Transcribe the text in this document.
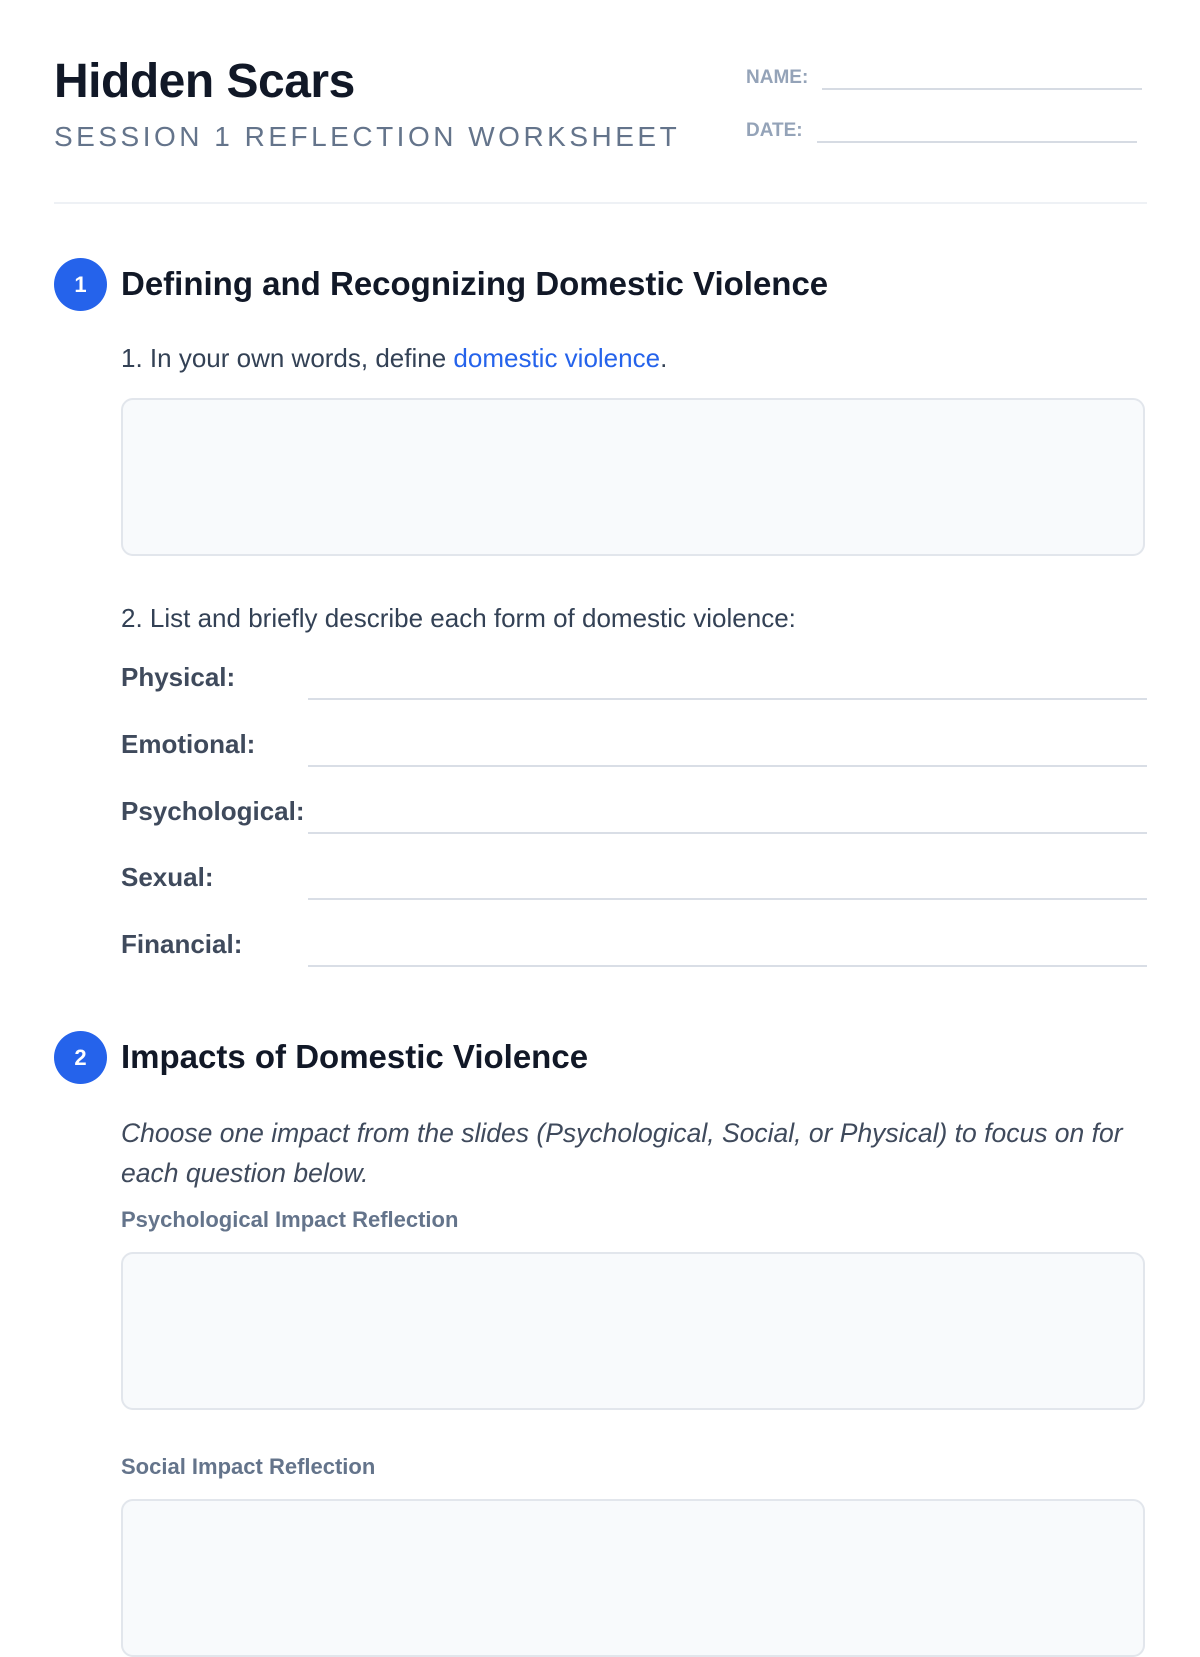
Hidden Scars
SESSION 1 REFLECTION WORKSHEET
NAME:
DATE:
1	Defining and Recognizing Domestic Violence

1. In your own words, define domestic violence.

2. List and briefly describe each form of domestic violence:

Physical:
Emotional:
Psychological:
Sexual:
Financial:
2	Impacts of Domestic Violence

Choose one impact from the slides (Psychological, Social, or Physical) to focus on for each question below.

Psychological Impact Reflection
Social Impact Reflection
